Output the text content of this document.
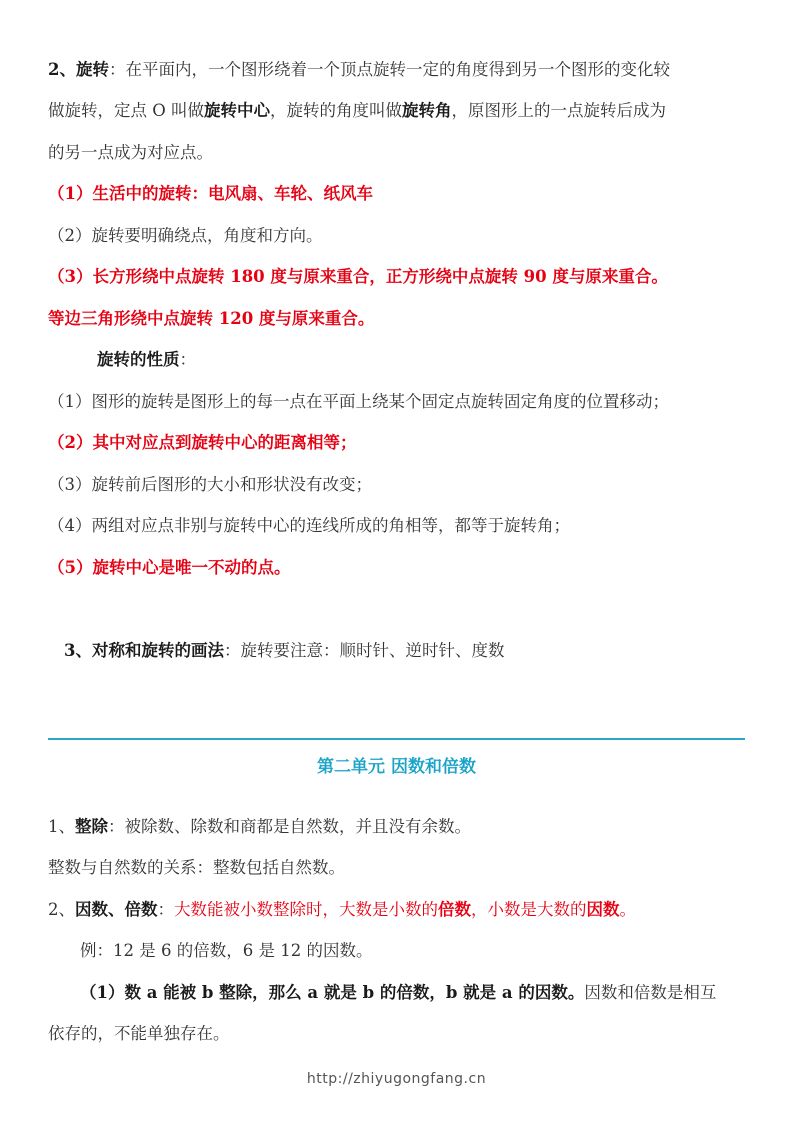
2、旋转：在平面内，一个图形绕着一个顶点旋转一定的角度得到另一个图形的变化较
做旋转，定点 O 叫做旋转中心，旋转的角度叫做旋转角，原图形上的一点旋转后成为
的另一点成为对应点。
（1）生活中的旋转：电风扇、车轮、纸风车
（2）旋转要明确绕点，角度和方向。
（3）长方形绕中点旋转 180 度与原来重合，正方形绕中点旋转 90 度与原来重合。
等边三角形绕中点旋转 120 度与原来重合。
旋转的性质：
（1）图形的旋转是图形上的每一点在平面上绕某个固定点旋转固定角度的位置移动；
（2）其中对应点到旋转中心的距离相等；
（3）旋转前后图形的大小和形状没有改变；
（4）两组对应点非别与旋转中心的连线所成的角相等，都等于旋转角；
（5）旋转中心是唯一不动的点。
3、对称和旋转的画法：旋转要注意：顺时针、逆时针、度数
第二单元 因数和倍数
1、整除：被除数、除数和商都是自然数，并且没有余数。
整数与自然数的关系：整数包括自然数。
2、因数、倍数：大数能被小数整除时，大数是小数的倍数，小数是大数的因数。
例：12 是 6 的倍数，6 是 12 的因数。
（1）数 a 能被 b 整除，那么 a 就是 b 的倍数，b 就是 a 的因数。因数和倍数是相互
依存的，不能单独存在。
http://zhiyugongfang.cn
